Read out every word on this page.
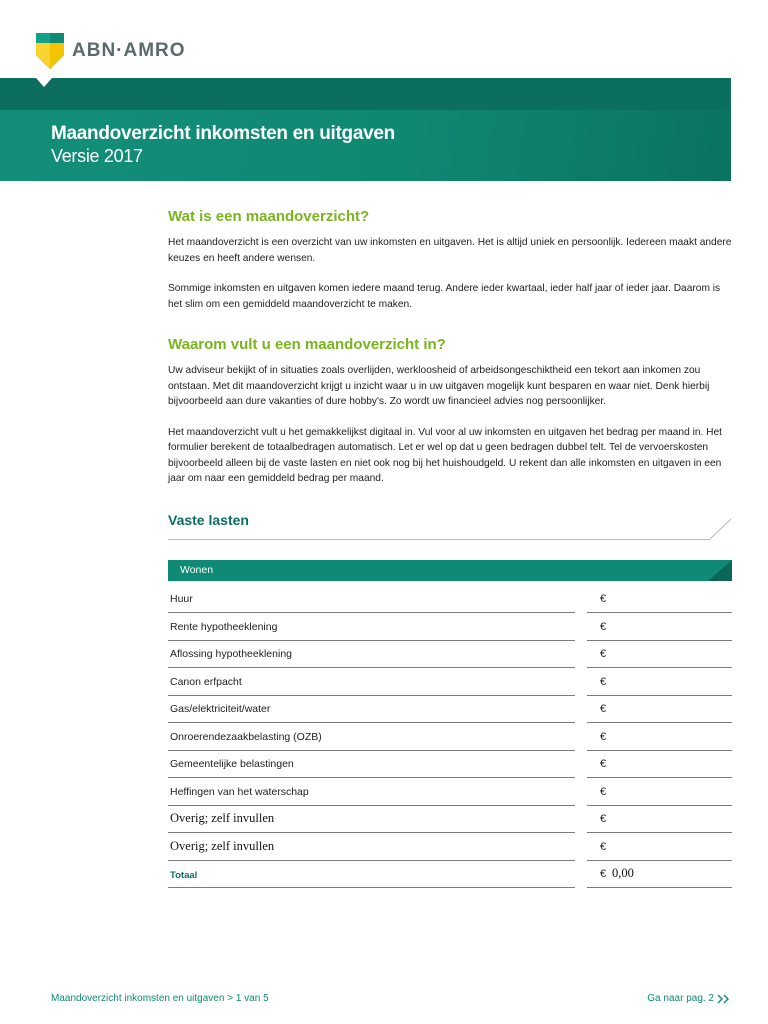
ABN·AMRO
Maandoverzicht inkomsten en uitgaven
Versie 2017
Wat is een maandoverzicht?

Het maandoverzicht is een overzicht van uw inkomsten en uitgaven. Het is altijd uniek en persoonlijk. Iedereen maakt andere keuzes en heeft andere wensen.

Sommige inkomsten en uitgaven komen iedere maand terug. Andere ieder kwartaal, ieder half jaar of ieder jaar. Daarom is het slim om een gemiddeld maandoverzicht te maken.

Waarom vult u een maandoverzicht in?

Uw adviseur bekijkt of in situaties zoals overlijden, werkloosheid of arbeidsongeschiktheid een tekort aan inkomen zou ontstaan. Met dit maandoverzicht krijgt u inzicht waar u in uw uitgaven mogelijk kunt besparen en waar niet. Denk hierbij bijvoorbeeld aan dure vakanties of dure hobby's. Zo wordt uw financieel advies nog persoonlijker.

Het maandoverzicht vult u het gemakkelijkst digitaal in. Vul voor al uw inkomsten en uitgaven het bedrag per maand in. Het formulier berekent de totaalbedragen automatisch. Let er wel op dat u geen bedragen dubbel telt. Tel de vervoerskosten bijvoorbeeld alleen bij de vaste lasten en niet ook nog bij het huishoudgeld. U rekent dan alle inkomsten en uitgaven in een jaar om naar een gemiddeld bedrag per maand.

Vaste lasten
Wonen
Huur	€
Rente hypotheeklening	€
Aflossing hypotheeklening	€
Canon erfpacht	€
Gas/elektriciteit/water	€
Onroerendezaakbelasting (OZB)	€
Gemeentelijke belastingen	€
Heffingen van het waterschap	€
Overig; zelf invullen	€
Overig; zelf invullen	€
Totaal	€ 0,00
Maandoverzicht inkomsten en uitgaven > 1 van 5	Ga naar pag. 2
